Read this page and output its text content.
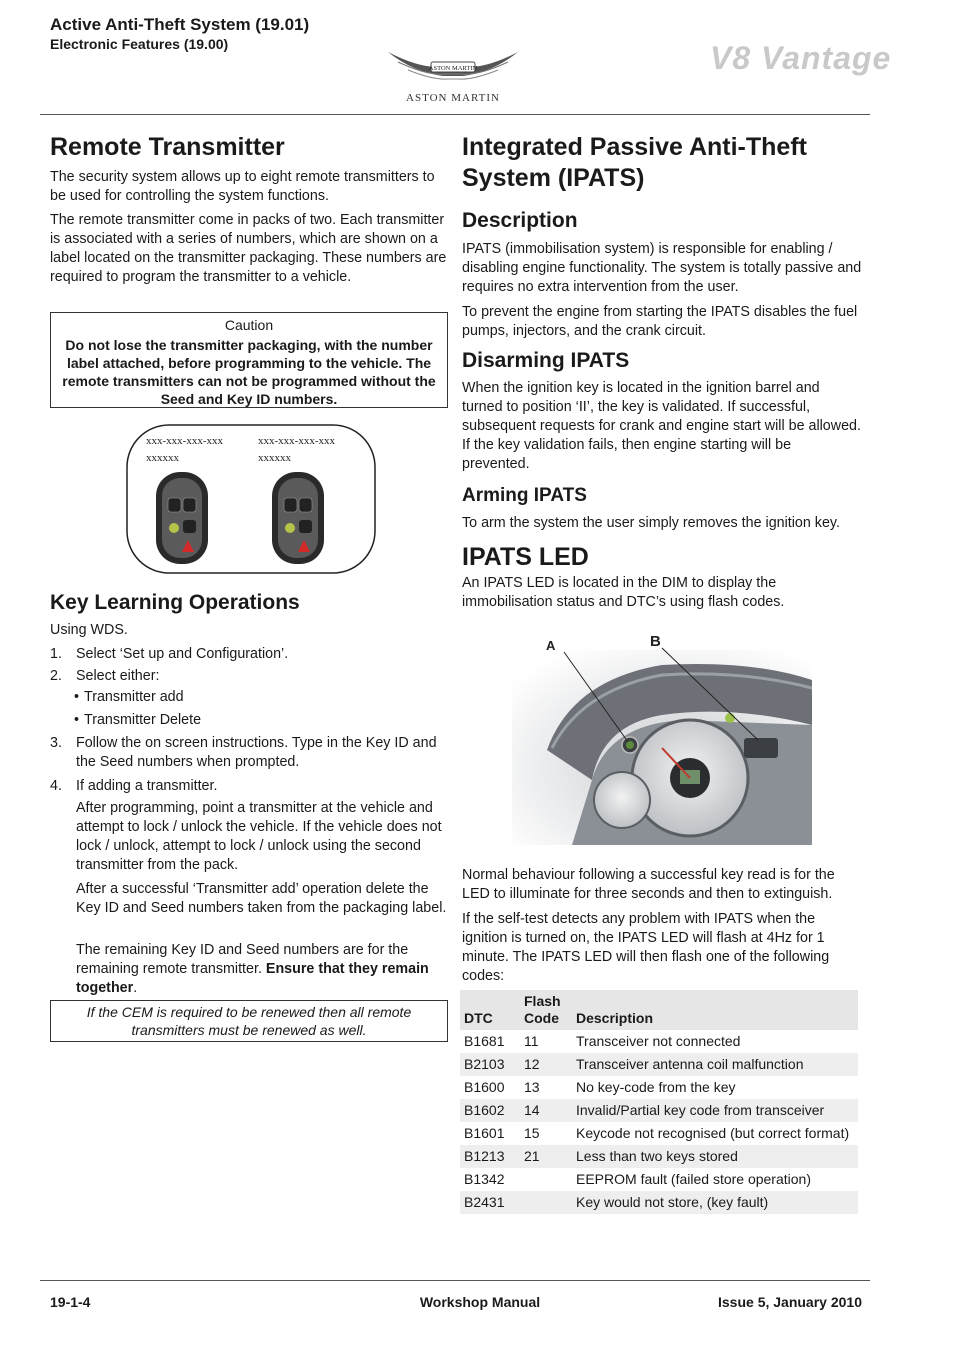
Active Anti-Theft System (19.01)
Electronic Features (19.00)
ASTON MARTIN
ASTON MARTIN
V8 Vantage
Remote Transmitter
The security system allows up to eight remote transmitters to be used for controlling the system functions.
The remote transmitter come in packs of two. Each transmitter is associated with a series of numbers, which are shown on a label located on the transmitter packaging. These numbers are required to program the transmitter to a vehicle.
Caution
Do not lose the transmitter packaging, with the number label attached, before programming to the vehicle. The remote transmitters can not be programmed without the Seed and Key ID numbers.
xxx-xxx-xxx-xxx
xxxxxx
xxx-xxx-xxx-xxx
xxxxxx
Key Learning Operations
Using WDS.
1. Select ‘Set up and Configuration’.
2. Select either:
• Transmitter add
• Transmitter Delete
3. Follow the on screen instructions. Type in the Key ID and the Seed numbers when prompted.
4. If adding a transmitter.
After programming, point a transmitter at the vehicle and attempt to lock / unlock the vehicle. If the vehicle does not lock / unlock, attempt to lock / unlock using the second transmitter from the pack.
After a successful ‘Transmitter add’ operation delete the Key ID and Seed numbers taken from the packaging label.
The remaining Key ID and Seed numbers are for the remaining remote transmitter. Ensure that they remain together.
If the CEM is required to be renewed then all remote transmitters must be renewed as well.
Integrated Passive Anti-Theft
System (IPATS)
Description
IPATS (immobilisation system) is responsible for enabling / disabling engine functionality. The system is totally passive and requires no extra intervention from the user.
To prevent the engine from starting the IPATS disables the fuel pumps, injectors, and the crank circuit.
Disarming IPATS
When the ignition key is located in the ignition barrel and turned to position ‘II’, the key is validated. If successful, subsequent requests for crank and engine start will be allowed. If the key validation fails, then engine starting will be prevented.
Arming IPATS
To arm the system the user simply removes the ignition key.
IPATS LED
An IPATS LED is located in the DIM to display the immobilisation status and DTC’s using flash codes.
A	B
Normal behaviour following a successful key read is for the LED to illuminate for three seconds and then to extinguish.
If the self-test detects any problem with IPATS when the ignition is turned on, the IPATS LED will flash at 4Hz for 1 minute. The IPATS LED will then flash one of the following codes:
DTC	Flash Code	Description
B1681	11	Transceiver not connected
B2103	12	Transceiver antenna coil malfunction
B1600	13	No key-code from the key
B1602	14	Invalid/Partial key code from transceiver
B1601	15	Keycode not recognised (but correct format)
B1213	21	Less than two keys stored
B1342		EEPROM fault (failed store operation)
B2431		Key would not store, (key fault)
19-1-4	Workshop Manual	Issue 5, January 2010
